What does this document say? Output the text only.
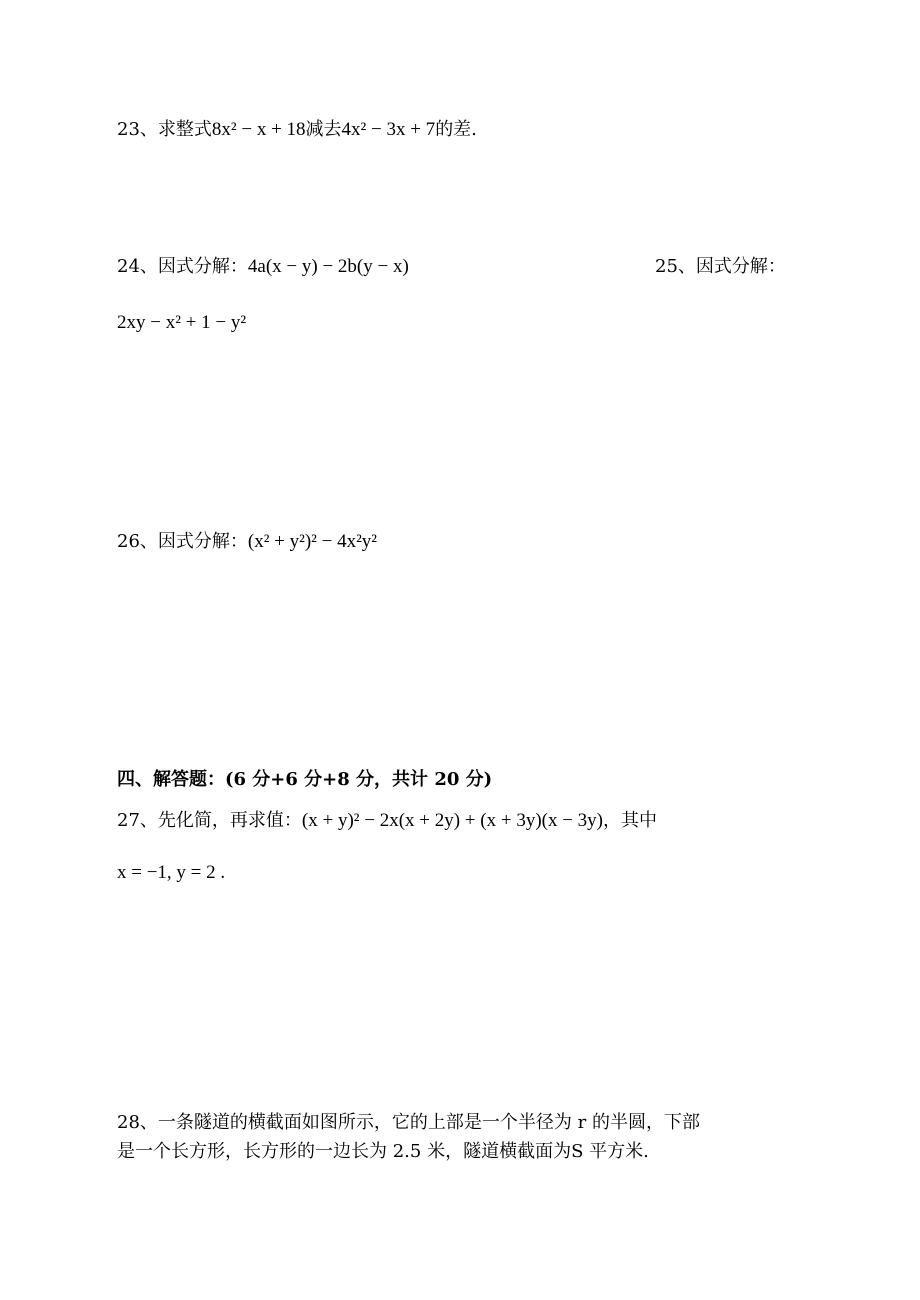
23、求整式8x² − x + 18减去4x² − 3x + 7的差.
24、因式分解：4a(x − y) − 2b(y − x)	25、因式分解：
2xy − x² + 1 − y²
26、因式分解：(x² + y²)² − 4x²y²
四、解答题：(6 分+6 分+8 分，共计 20 分)
27、先化简，再求值：(x + y)² − 2x(x + 2y) + (x + 3y)(x − 3y)，其中
x = −1, y = 2 .
28、一条隧道的横截面如图所示，它的上部是一个半径为 r 的半圆，下部
是一个长方形，长方形的一边长为 2.5 米，隧道横截面为S 平方米.
